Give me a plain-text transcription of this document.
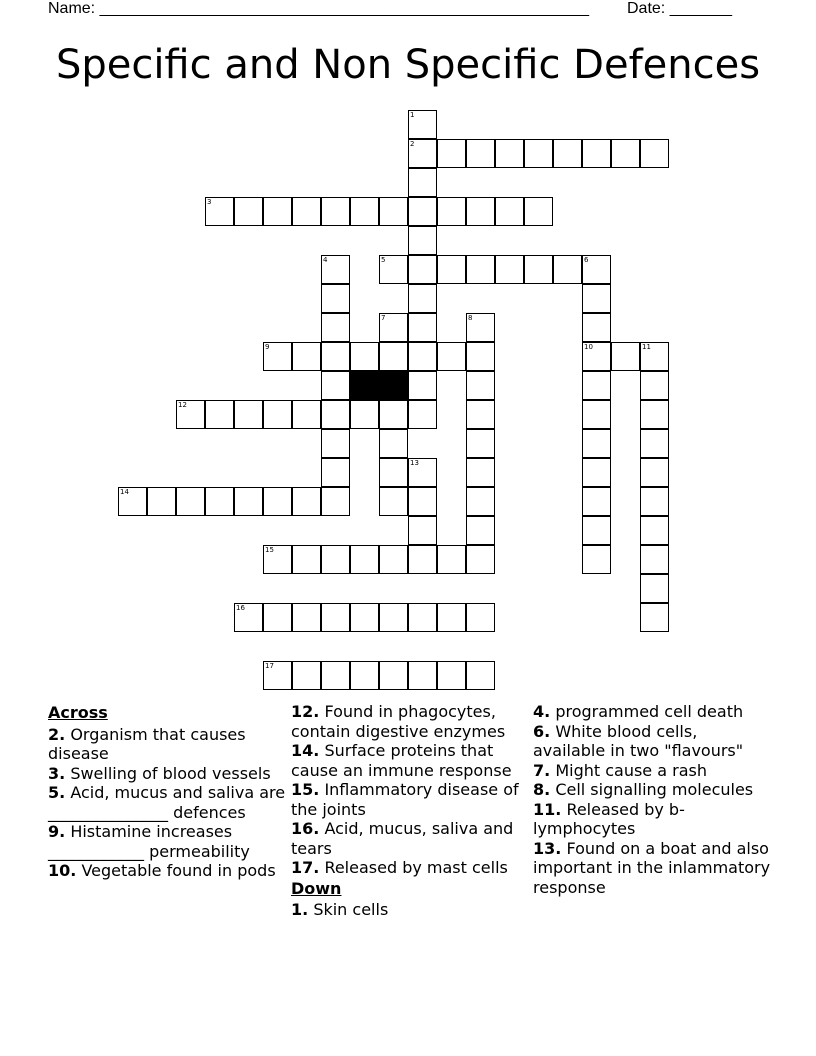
Name: _______________________________________________________ Date: _______
Specific and Non Specific Defences
1
2
3
4	5	6
7	8
9	10	11
12
13
14
15
16
17
Across
2. Organism that causes disease
3. Swelling of blood vessels
5. Acid, mucus and saliva are _______________ defences
9. Histamine increases ____________ permeability
10. Vegetable found in pods
12. Found in phagocytes, contain digestive enzymes
14. Surface proteins that cause an immune response
15. Inflammatory disease of the joints
16. Acid, mucus, saliva and tears
17. Released by mast cells
Down
1. Skin cells
4. programmed cell death
6. White blood cells, available in two "flavours"
7. Might cause a rash
8. Cell signalling molecules
11. Released by b-lymphocytes
13. Found on a boat and also important in the inlammatory response
